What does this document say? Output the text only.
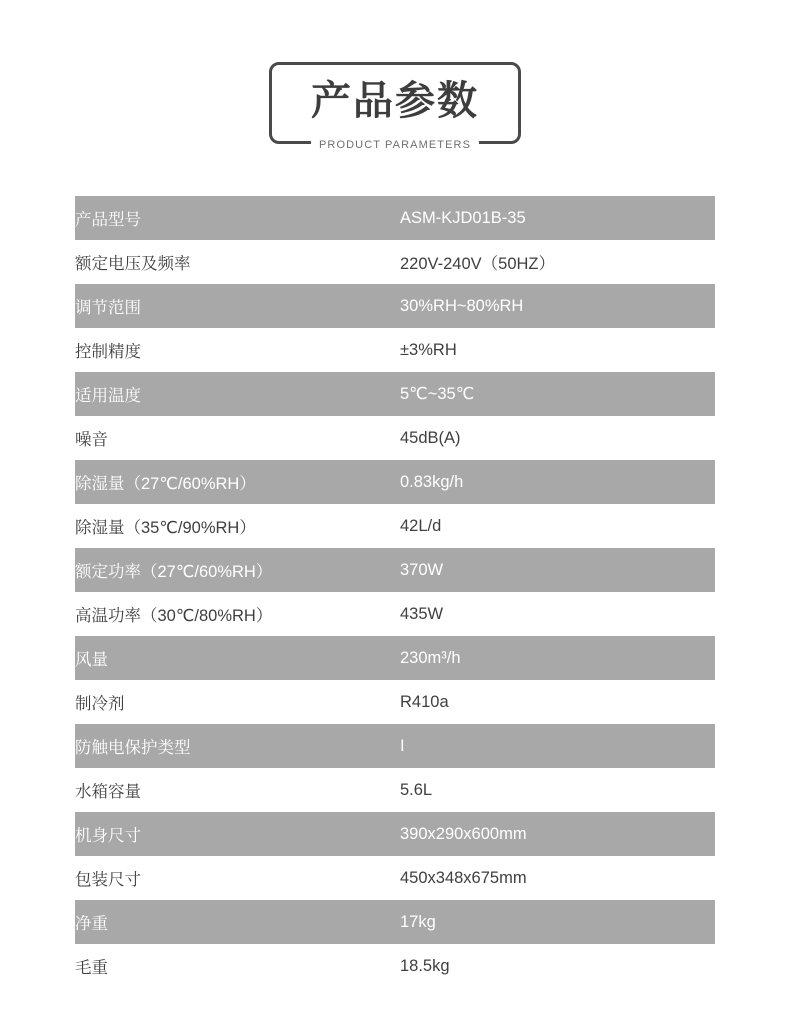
产品参数
PRODUCT PARAMETERS
产品型号	ASM-KJD01B-35
额定电压及频率	220V-240V（50HZ）
调节范围	30%RH~80%RH
控制精度	±3%RH
适用温度	5℃~35℃
噪音	45dB(A)
除湿量（27℃/60%RH）	0.83kg/h
除湿量（35℃/90%RH）	42L/d
额定功率（27℃/60%RH）	370W
高温功率（30℃/80%RH）	435W
风量	230m³/h
制冷剂	R410a
防触电保护类型	I
水箱容量	5.6L
机身尺寸	390x290x600mm
包装尺寸	450x348x675mm
净重	17kg
毛重	18.5kg
